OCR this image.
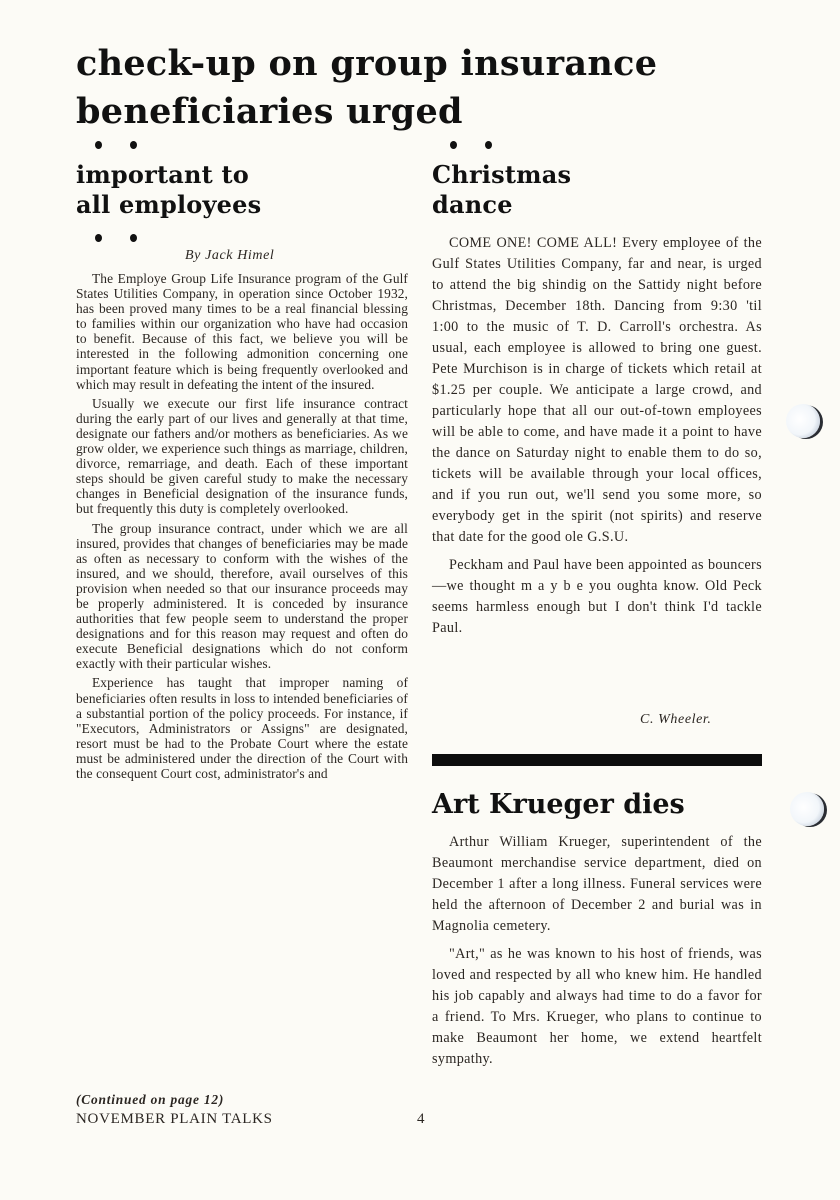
check-up on group insurance
beneficiaries urged
important to
all employees
By Jack Himel

The Employe Group Life Insurance program of the Gulf States Utilities Company, in operation since October 1932, has been proved many times to be a real financial blessing to families within our organization who have had occasion to benefit. Because of this fact, we believe you will be interested in the following admonition concerning one important feature which is being frequently overlooked and which may result in defeating the intent of the insured.

Usually we execute our first life insurance contract during the early part of our lives and generally at that time, designate our fathers and/or mothers as beneficiaries. As we grow older, we experience such things as marriage, children, divorce, remarriage, and death. Each of these important steps should be given careful study to make the necessary changes in Beneficial designation of the insurance funds, but frequently this duty is completely overlooked.

The group insurance contract, under which we are all insured, provides that changes of beneficiaries may be made as often as necessary to conform with the wishes of the insured, and we should, therefore, avail ourselves of this provision when needed so that our insurance proceeds may be properly administered. It is conceded by insurance authorities that few people seem to understand the proper designations and for this reason may request and often do execute Beneficial designations which do not conform exactly with their particular wishes.

Experience has taught that improper naming of beneficiaries often results in loss to intended beneficiaries of a substantial portion of the policy proceeds. For instance, if "Executors, Administrators or Assigns" are designated, resort must be had to the Probate Court where the estate must be administered under the direction of the Court with the consequent Court cost, administrator's and

(Continued on page 12)
Christmas
dance

COME ONE! COME ALL! Every employee of the Gulf States Utilities Company, far and near, is urged to attend the big shindig on the Sattidy night before Christmas, December 18th. Dancing from 9:30 'til 1:00 to the music of T. D. Carroll's orchestra. As usual, each employee is allowed to bring one guest. Pete Murchison is in charge of tickets which retail at $1.25 per couple. We anticipate a large crowd, and particularly hope that all our out-of-town employees will be able to come, and have made it a point to have the dance on Saturday night to enable them to do so, tickets will be available through your local offices, and if you run out, we'll send you some more, so everybody get in the spirit (not spirits) and reserve that date for the good ole G.S.U.

Peckham and Paul have been appointed as bouncers—we thought m a y b e you oughta know. Old Peck seems harmless enough but I don't think I'd tackle Paul.

C. Wheeler.
Art Krueger dies

Arthur William Krueger, superintendent of the Beaumont merchandise service department, died on December 1 after a long illness. Funeral services were held the afternoon of December 2 and burial was in Magnolia cemetery.

"Art," as he was known to his host of friends, was loved and respected by all who knew him. He handled his job capably and always had time to do a favor for a friend. To Mrs. Krueger, who plans to continue to make Beaumont her home, we extend heartfelt sympathy.

NOVEMBER PLAIN TALKS	4
